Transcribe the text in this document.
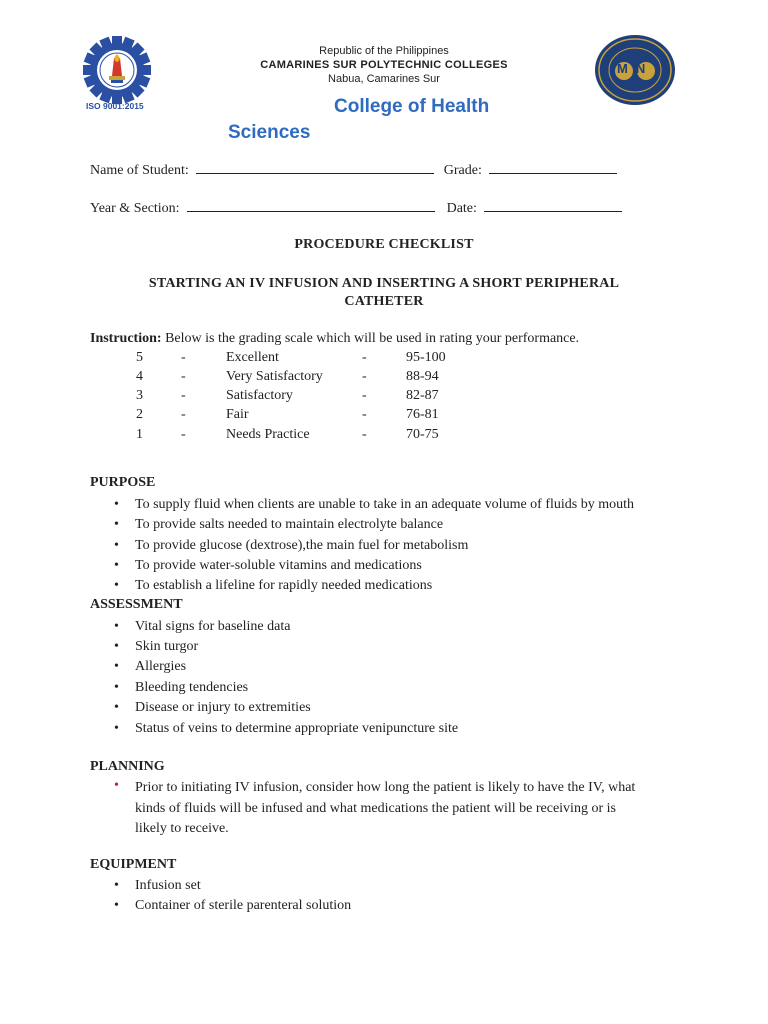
ISO 9001:2015
MN
Republic of the Philippines
CAMARINES SUR POLYTECHNIC COLLEGES
Nabua, Camarines Sur
College of Health
Sciences
Name of Student:	Grade:
Year & Section:	Date:
PROCEDURE CHECKLIST
STARTING AN IV INFUSION AND INSERTING A SHORT PERIPHERAL
CATHETER
Instruction: Below is the grading scale which will be used in rating your performance.
5	-	Excellent	-	95-100
4	-	Very Satisfactory	-	88-94
3	-	Satisfactory	-	82-87
2	-	Fair	-	76-81
1	-	Needs Practice	-	70-75
PURPOSE
• To supply fluid when clients are unable to take in an adequate volume of fluids by mouth
• To provide salts needed to maintain electrolyte balance
• To provide glucose (dextrose),the main fuel for metabolism
• To provide water-soluble vitamins and medications
• To establish a lifeline for rapidly needed medications
ASSESSMENT
• Vital signs for baseline data
• Skin turgor
• Allergies
• Bleeding tendencies
• Disease or injury to extremities
• Status of veins to determine appropriate venipuncture site
PLANNING
• Prior to initiating IV infusion, consider how long the patient is likely to have the IV, what
kinds of fluids will be infused and what medications the patient will be receiving or is
likely to receive.
EQUIPMENT
• Infusion set
• Container of sterile parenteral solution
